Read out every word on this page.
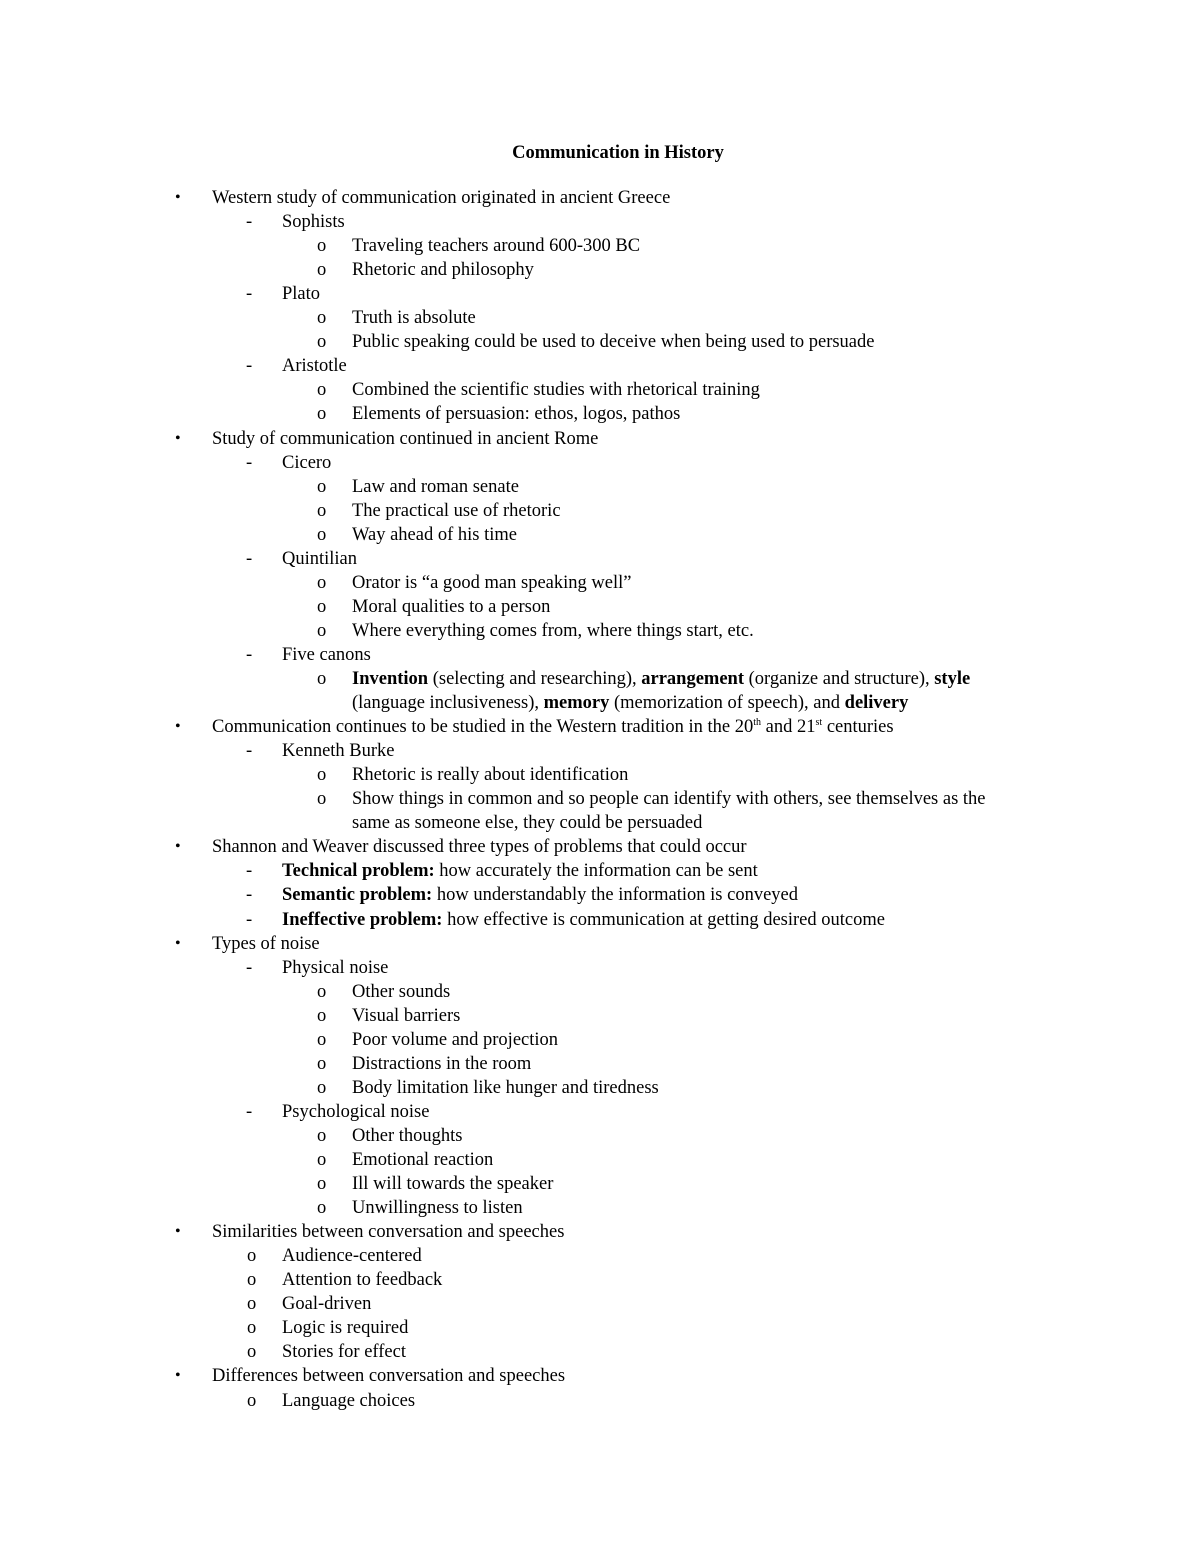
Communication in History
• Western study of communication originated in ancient Greece
- Sophists
o Traveling teachers around 600-300 BC
o Rhetoric and philosophy
- Plato
o Truth is absolute
o Public speaking could be used to deceive when being used to persuade
- Aristotle
o Combined the scientific studies with rhetorical training
o Elements of persuasion: ethos, logos, pathos
• Study of communication continued in ancient Rome
- Cicero
o Law and roman senate
o The practical use of rhetoric
o Way ahead of his time
- Quintilian
o Orator is “a good man speaking well”
o Moral qualities to a person
o Where everything comes from, where things start, etc.
- Five canons
o Invention (selecting and researching), arrangement (organize and structure), style
(language inclusiveness), memory (memorization of speech), and delivery
• Communication continues to be studied in the Western tradition in the 20th and 21st centuries
- Kenneth Burke
o Rhetoric is really about identification
o Show things in common and so people can identify with others, see themselves as the
same as someone else, they could be persuaded
• Shannon and Weaver discussed three types of problems that could occur
- Technical problem: how accurately the information can be sent
- Semantic problem: how understandably the information is conveyed
- Ineffective problem: how effective is communication at getting desired outcome
• Types of noise
- Physical noise
o Other sounds
o Visual barriers
o Poor volume and projection
o Distractions in the room
o Body limitation like hunger and tiredness
- Psychological noise
o Other thoughts
o Emotional reaction
o Ill will towards the speaker
o Unwillingness to listen
• Similarities between conversation and speeches
o Audience-centered
o Attention to feedback
o Goal-driven
o Logic is required
o Stories for effect
• Differences between conversation and speeches
o Language choices
